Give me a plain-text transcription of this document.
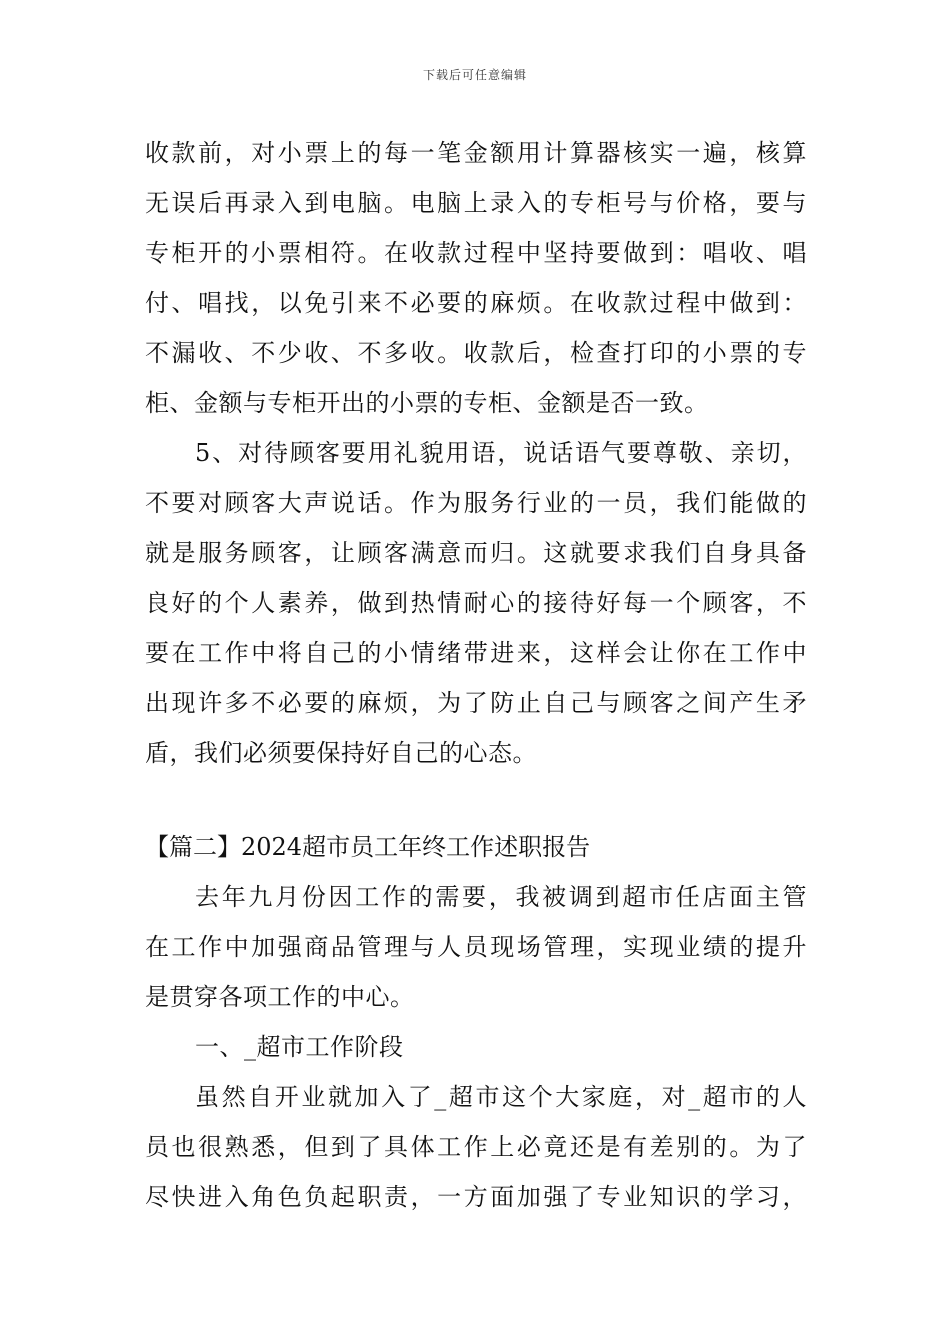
下载后可任意编辑
收款前，对小票上的每一笔金额用计算器核实一遍，核算
无误后再录入到电脑。电脑上录入的专柜号与价格，要与
专柜开的小票相符。在收款过程中坚持要做到：唱收、唱
付、唱找，以免引来不必要的麻烦。在收款过程中做到：
不漏收、不少收、不多收。收款后，检查打印的小票的专
柜、金额与专柜开出的小票的专柜、金额是否一致。
5、对待顾客要用礼貌用语，说话语气要尊敬、亲切，
不要对顾客大声说话。作为服务行业的一员，我们能做的
就是服务顾客，让顾客满意而归。这就要求我们自身具备
良好的个人素养，做到热情耐心的接待好每一个顾客，不
要在工作中将自己的小情绪带进来，这样会让你在工作中
出现许多不必要的麻烦，为了防止自己与顾客之间产生矛
盾，我们必须要保持好自己的心态。
【篇二】2024超市员工年终工作述职报告
去年九月份因工作的需要，我被调到超市任店面主管
在工作中加强商品管理与人员现场管理，实现业绩的提升
是贯穿各项工作的中心。
一、_超市工作阶段
虽然自开业就加入了_超市这个大家庭，对_超市的人
员也很熟悉，但到了具体工作上必竟还是有差别的。为了
尽快进入角色负起职责，一方面加强了专业知识的学习，
